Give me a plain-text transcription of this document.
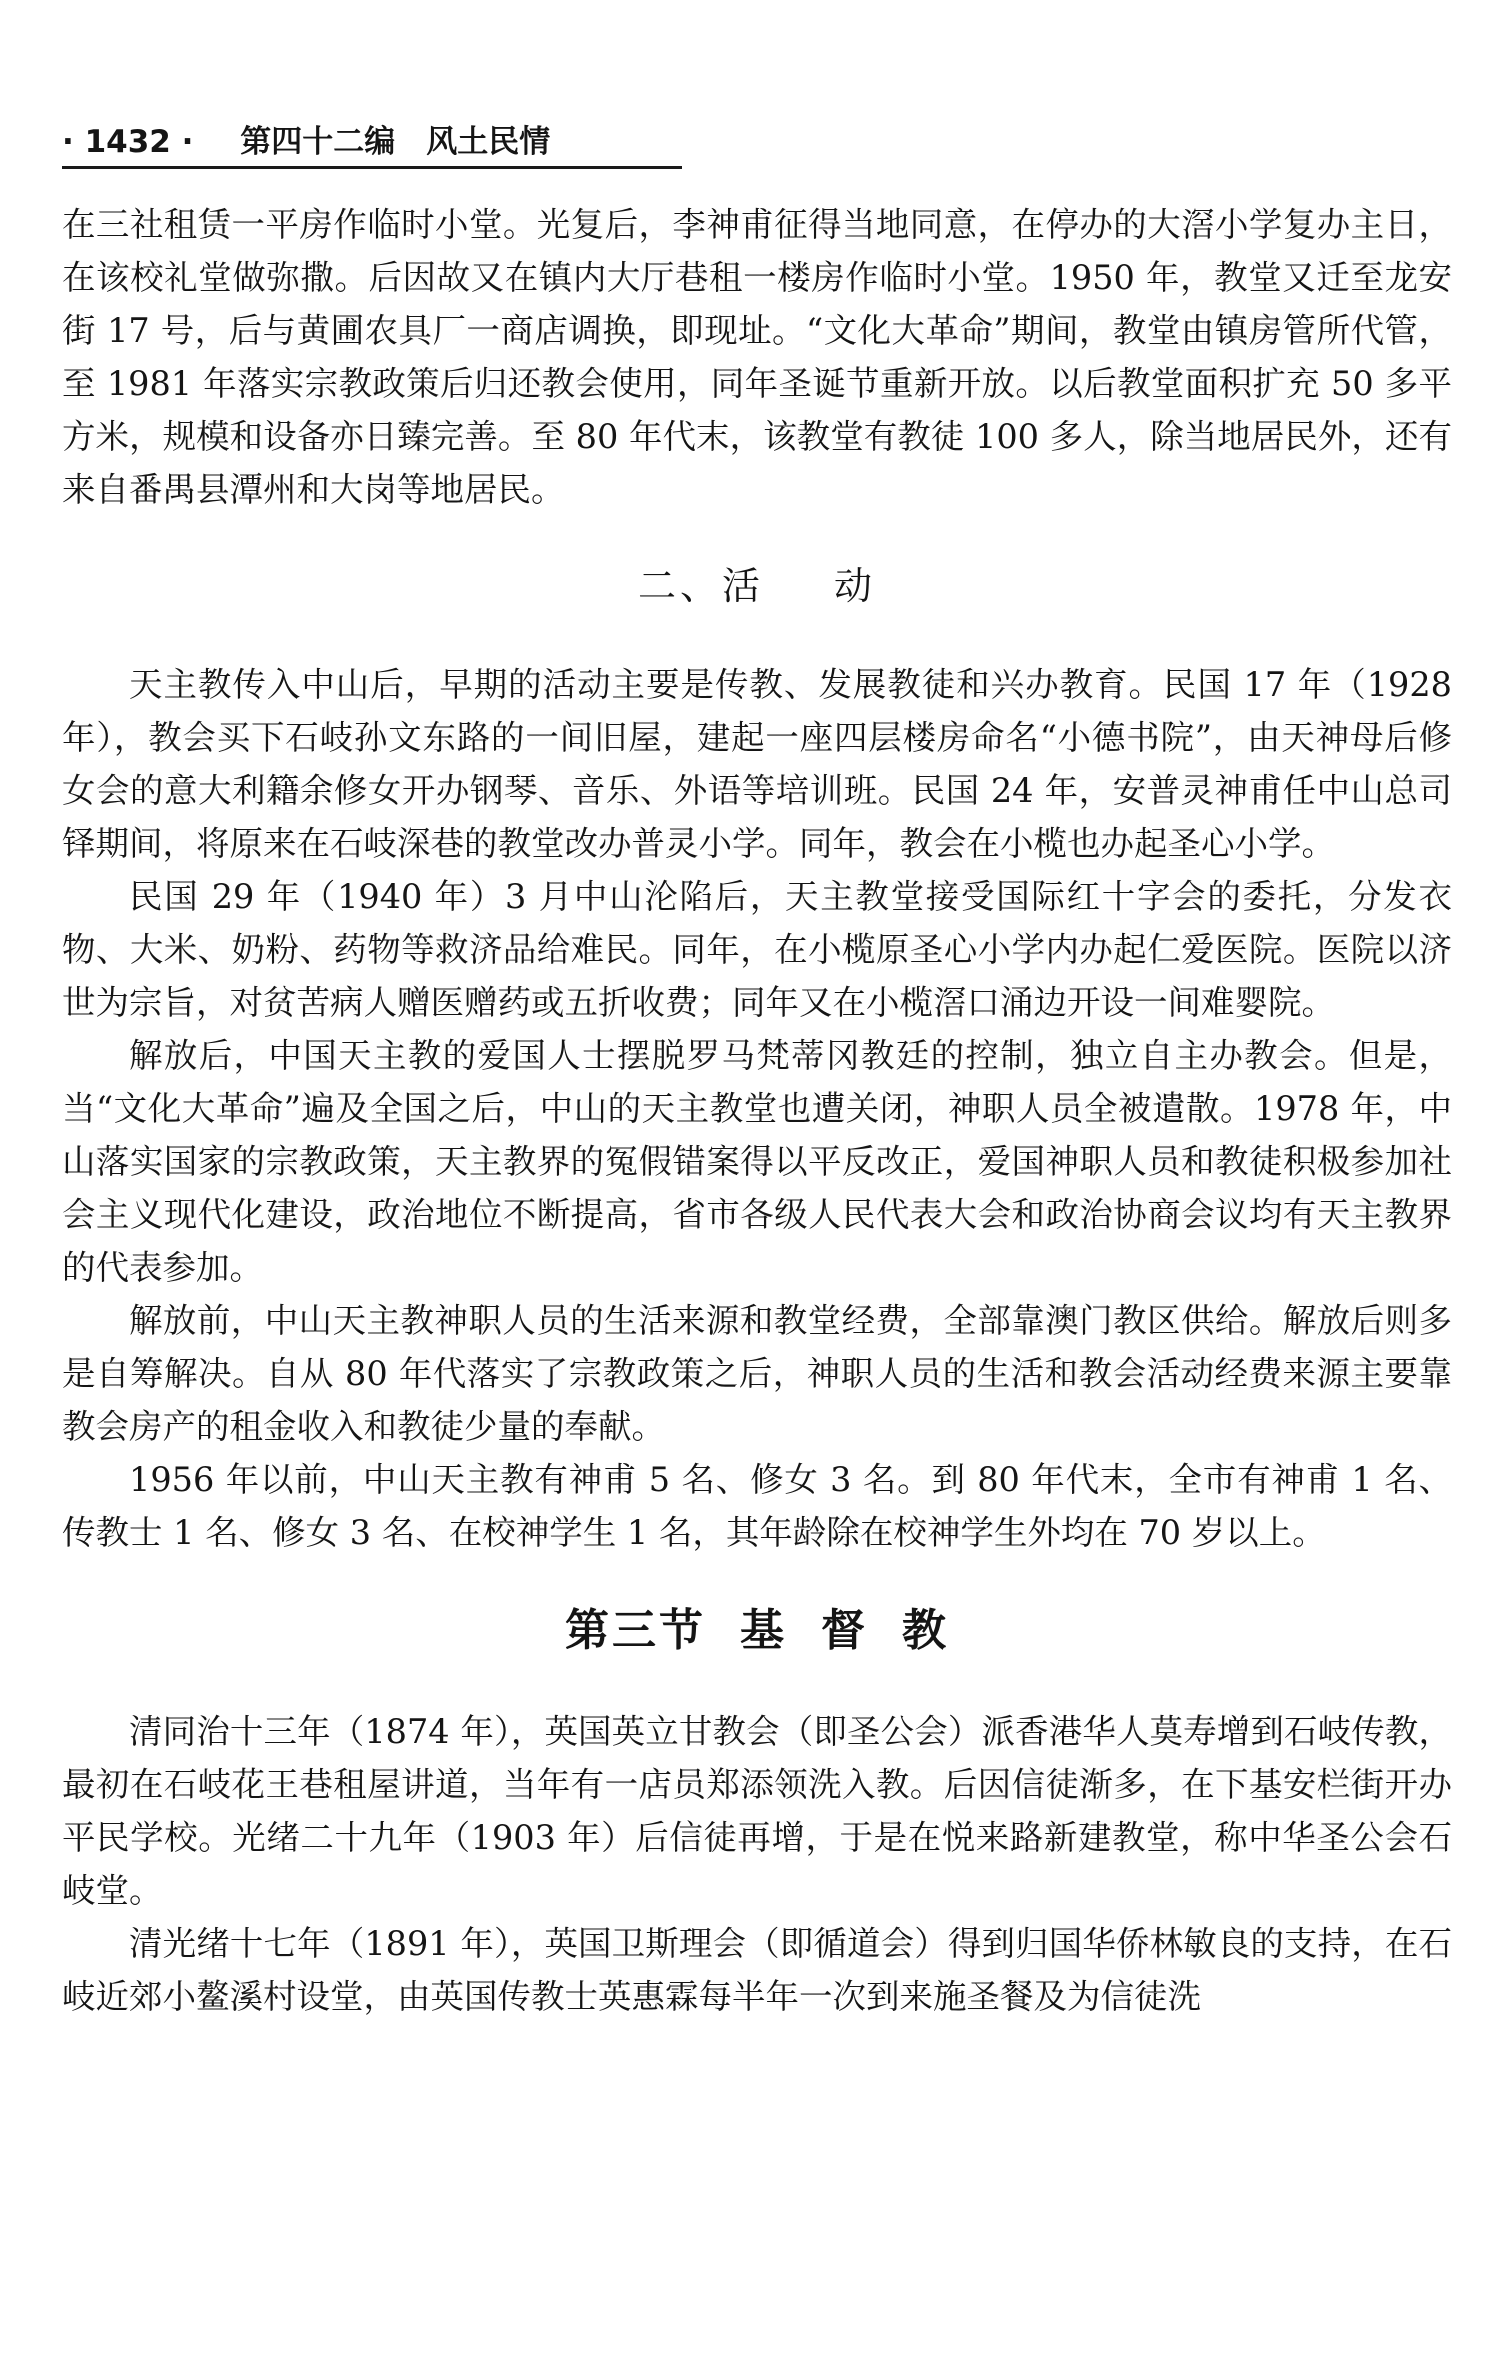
· 1432 · 第四十二编　风土民情

在三社租赁一平房作临时小堂。光复后，李神甫征得当地同意，在停办的大滘小学复办主日，在该校礼堂做弥撒。后因故又在镇内大厅巷租一楼房作临时小堂。1950 年，教堂又迁至龙安街 17 号，后与黄圃农具厂一商店调换，即现址。“文化大革命”期间，教堂由镇房管所代管，至 1981 年落实宗教政策后归还教会使用，同年圣诞节重新开放。以后教堂面积扩充 50 多平方米，规模和设备亦日臻完善。至 80 年代末，该教堂有教徒 100 多人，除当地居民外，还有来自番禺县潭州和大岗等地居民。

二、活 动

天主教传入中山后，早期的活动主要是传教、发展教徒和兴办教育。民国 17 年（1928 年），教会买下石岐孙文东路的一间旧屋，建起一座四层楼房命名“小德书院”，由天神母后修女会的意大利籍余修女开办钢琴、音乐、外语等培训班。民国 24 年，安普灵神甫任中山总司铎期间，将原来在石岐深巷的教堂改办普灵小学。同年，教会在小榄也办起圣心小学。

民国 29 年（1940 年）3 月中山沦陷后，天主教堂接受国际红十字会的委托，分发衣物、大米、奶粉、药物等救济品给难民。同年，在小榄原圣心小学内办起仁爱医院。医院以济世为宗旨，对贫苦病人赠医赠药或五折收费；同年又在小榄滘口涌边开设一间难婴院。

解放后，中国天主教的爱国人士摆脱罗马梵蒂冈教廷的控制，独立自主办教会。但是，当“文化大革命”遍及全国之后，中山的天主教堂也遭关闭，神职人员全被遣散。1978 年，中山落实国家的宗教政策，天主教界的冤假错案得以平反改正，爱国神职人员和教徒积极参加社会主义现代化建设，政治地位不断提高，省市各级人民代表大会和政治协商会议均有天主教界的代表参加。

解放前，中山天主教神职人员的生活来源和教堂经费，全部靠澳门教区供给。解放后则多是自筹解决。自从 80 年代落实了宗教政策之后，神职人员的生活和教会活动经费来源主要靠教会房产的租金收入和教徒少量的奉献。

1956 年以前，中山天主教有神甫 5 名、修女 3 名。到 80 年代末，全市有神甫 1 名、传教士 1 名、修女 3 名、在校神学生 1 名，其年龄除在校神学生外均在 70 岁以上。

第三节 基 督 教

清同治十三年（1874 年），英国英立甘教会（即圣公会）派香港华人莫寿增到石岐传教，最初在石岐花王巷租屋讲道，当年有一店员郑添领洗入教。后因信徒渐多，在下基安栏街开办平民学校。光绪二十九年（1903 年）后信徒再增，于是在悦来路新建教堂，称中华圣公会石岐堂。

清光绪十七年（1891 年），英国卫斯理会（即循道会）得到归国华侨林敏良的支持，在石岐近郊小鳌溪村设堂，由英国传教士英惠霖每半年一次到来施圣餐及为信徒洗
